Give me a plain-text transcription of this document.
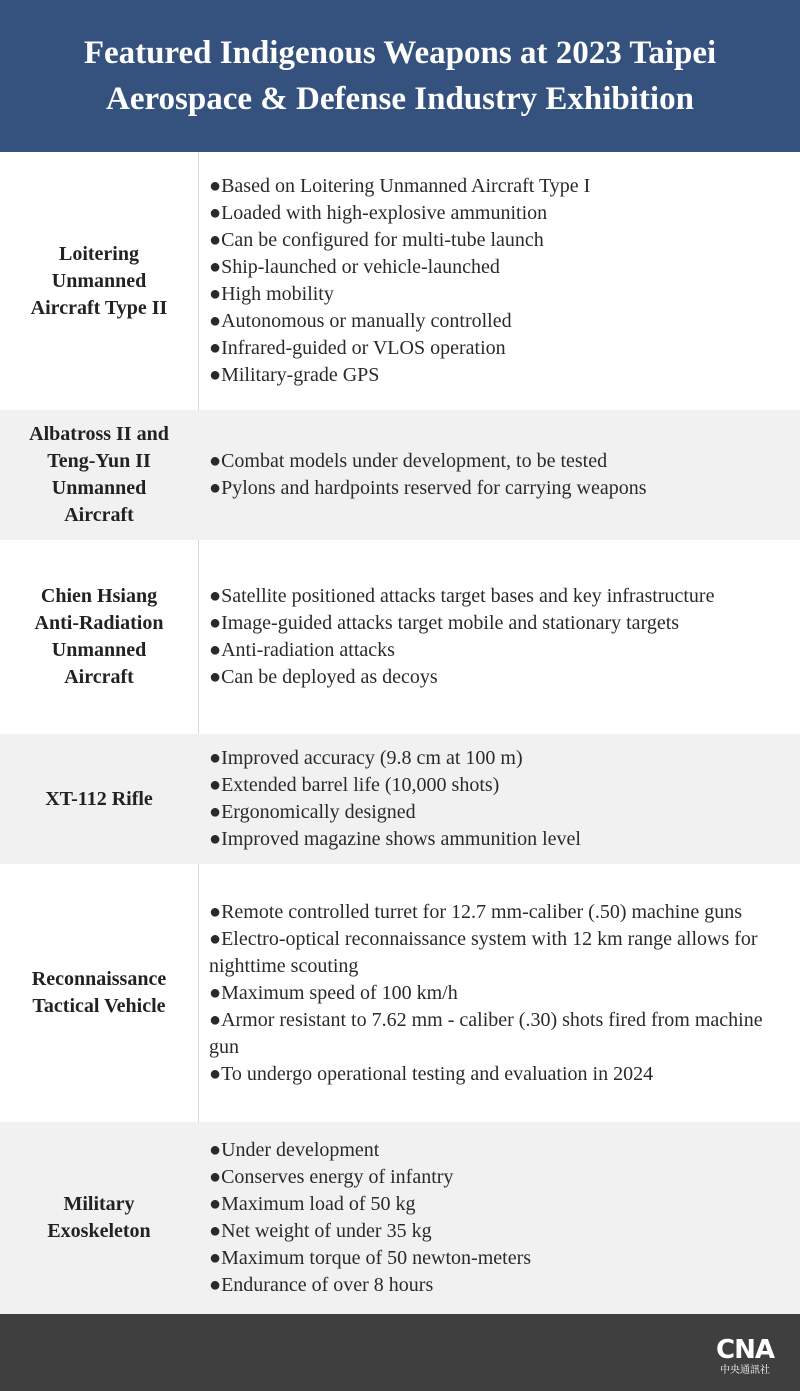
Featured Indigenous Weapons at 2023 Taipei
Aerospace & Defense Industry Exhibition
Loitering
Unmanned
Aircraft Type II
●Based on Loitering Unmanned Aircraft Type I
●Loaded with high-explosive ammunition
●Can be configured for multi-tube launch
●Ship-launched or vehicle-launched
●High mobility
●Autonomous or manually controlled
●Infrared-guided or VLOS operation
●Military-grade GPS
Albatross II and
Teng-Yun II
Unmanned
Aircraft
●Combat models under development, to be tested
●Pylons and hardpoints reserved for carrying weapons
Chien Hsiang
Anti-Radiation
Unmanned
Aircraft
●Satellite positioned attacks target bases and key infrastructure
●Image-guided attacks target mobile and stationary targets
●Anti-radiation attacks
●Can be deployed as decoys
XT-112 Rifle
●Improved accuracy (9.8 cm at 100 m)
●Extended barrel life (10,000 shots)
●Ergonomically designed
●Improved magazine shows ammunition level
Reconnaissance
Tactical Vehicle
●Remote controlled turret for 12.7 mm-caliber (.50) machine guns
●Electro-optical reconnaissance system with 12 km range allows for nighttime scouting
●Maximum speed of 100 km/h
●Armor resistant to 7.62 mm - caliber (.30) shots fired from machine gun
●To undergo operational testing and evaluation in 2024
Military
Exoskeleton
●Under development
●Conserves energy of infantry
●Maximum load of 50 kg
●Net weight of under 35 kg
●Maximum torque of 50 newton-meters
●Endurance of over 8 hours
CNA
中央通訊社
